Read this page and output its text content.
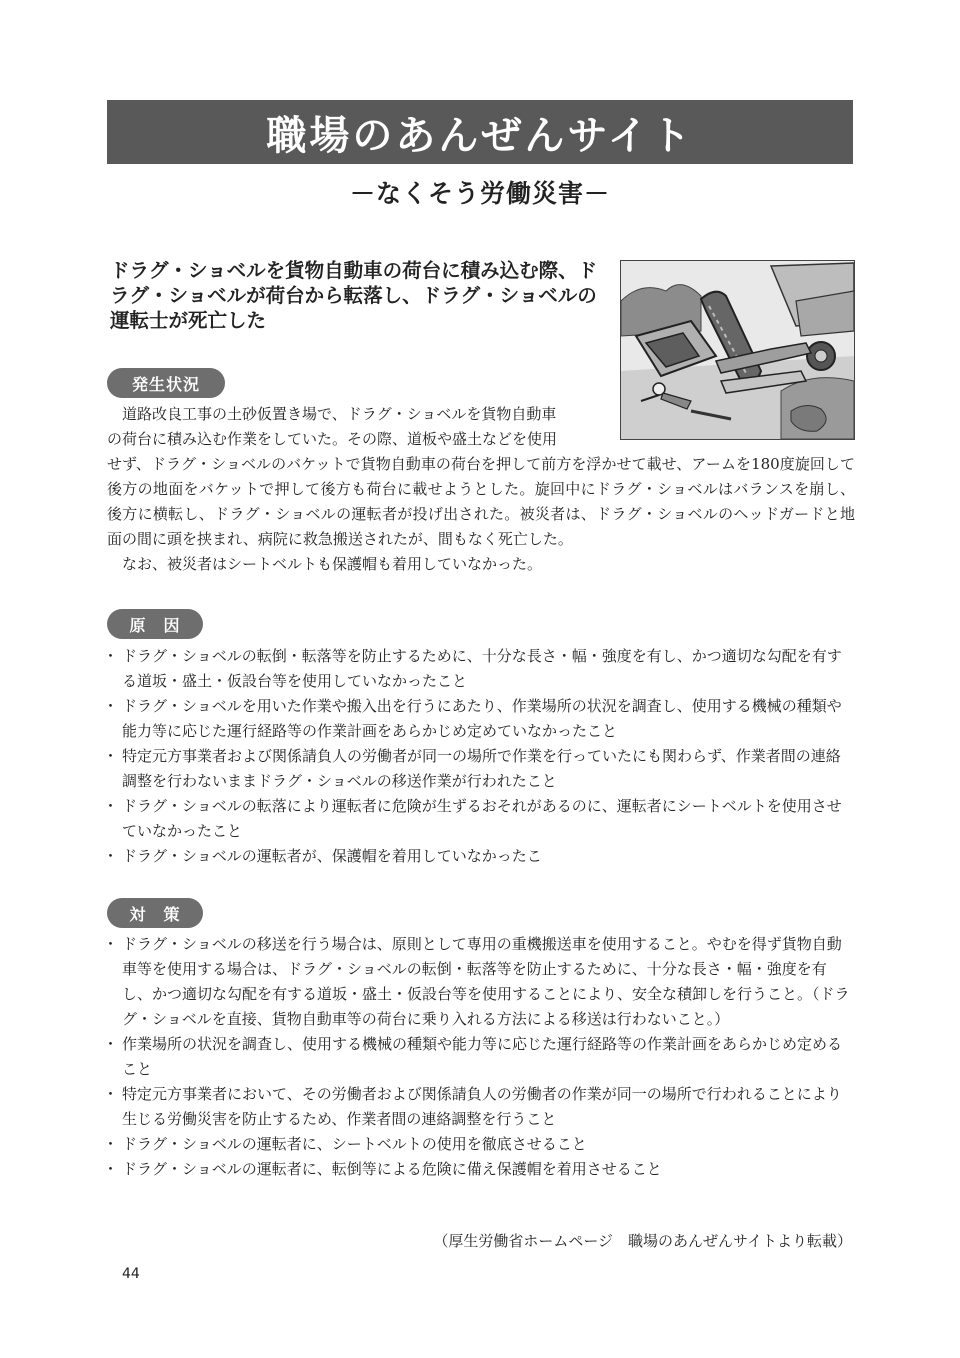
職場のあんぜんサイト
－なくそう労働災害－
ドラグ・ショベルを貨物自動車の荷台に積み込む際、ドラグ・ショベルが荷台から転落し、ドラグ・ショベルの運転士が死亡した
発生状況

道路改良工事の土砂仮置き場で、ドラグ・ショベルを貨物自動車

の荷台に積み込む作業をしていた。その際、道板や盛土などを使用

せず、ドラグ・ショベルのバケットで貨物自動車の荷台を押して前方を浮かせて載せ、アームを180度旋回して後方の地面をバケットで押して後方も荷台に載せようとした。旋回中にドラグ・ショベルはバランスを崩し、後方に横転し、ドラグ・ショベルの運転者が投げ出された。被災者は、ドラグ・ショベルのヘッドガードと地面の間に頭を挟まれ、病院に救急搬送されたが、間もなく死亡した。

なお、被災者はシートベルトも保護帽も着用していなかった。

原　因
・ ドラグ・ショベルの転倒・転落等を防止するために、十分な長さ・幅・強度を有し、かつ適切な勾配を有する道坂・盛土・仮設台等を使用していなかったこと
・ ドラグ・ショベルを用いた作業や搬入出を行うにあたり、作業場所の状況を調査し、使用する機械の種類や能力等に応じた運行経路等の作業計画をあらかじめ定めていなかったこと
・ 特定元方事業者および関係請負人の労働者が同一の場所で作業を行っていたにも関わらず、作業者間の連絡調整を行わないままドラグ・ショベルの移送作業が行われたこと
・ ドラグ・ショベルの転落により運転者に危険が生ずるおそれがあるのに、運転者にシートベルトを使用させていなかったこと
・ ドラグ・ショベルの運転者が、保護帽を着用していなかったこ
対　策
・ ドラグ・ショベルの移送を行う場合は、原則として専用の重機搬送車を使用すること。やむを得ず貨物自動車等を使用する場合は、ドラグ・ショベルの転倒・転落等を防止するために、十分な長さ・幅・強度を有し、かつ適切な勾配を有する道坂・盛土・仮設台等を使用することにより、安全な積卸しを行うこと。（ドラグ・ショベルを直接、貨物自動車等の荷台に乗り入れる方法による移送は行わないこと。）
・ 作業場所の状況を調査し、使用する機械の種類や能力等に応じた運行経路等の作業計画をあらかじめ定めること
・ 特定元方事業者において、その労働者および関係請負人の労働者の作業が同一の場所で行われることにより生じる労働災害を防止するため、作業者間の連絡調整を行うこと
・ ドラグ・ショベルの運転者に、シートベルトの使用を徹底させること
・ ドラグ・ショベルの運転者に、転倒等による危険に備え保護帽を着用させること
（厚生労働省ホームページ　職場のあんぜんサイトより転載）
44
